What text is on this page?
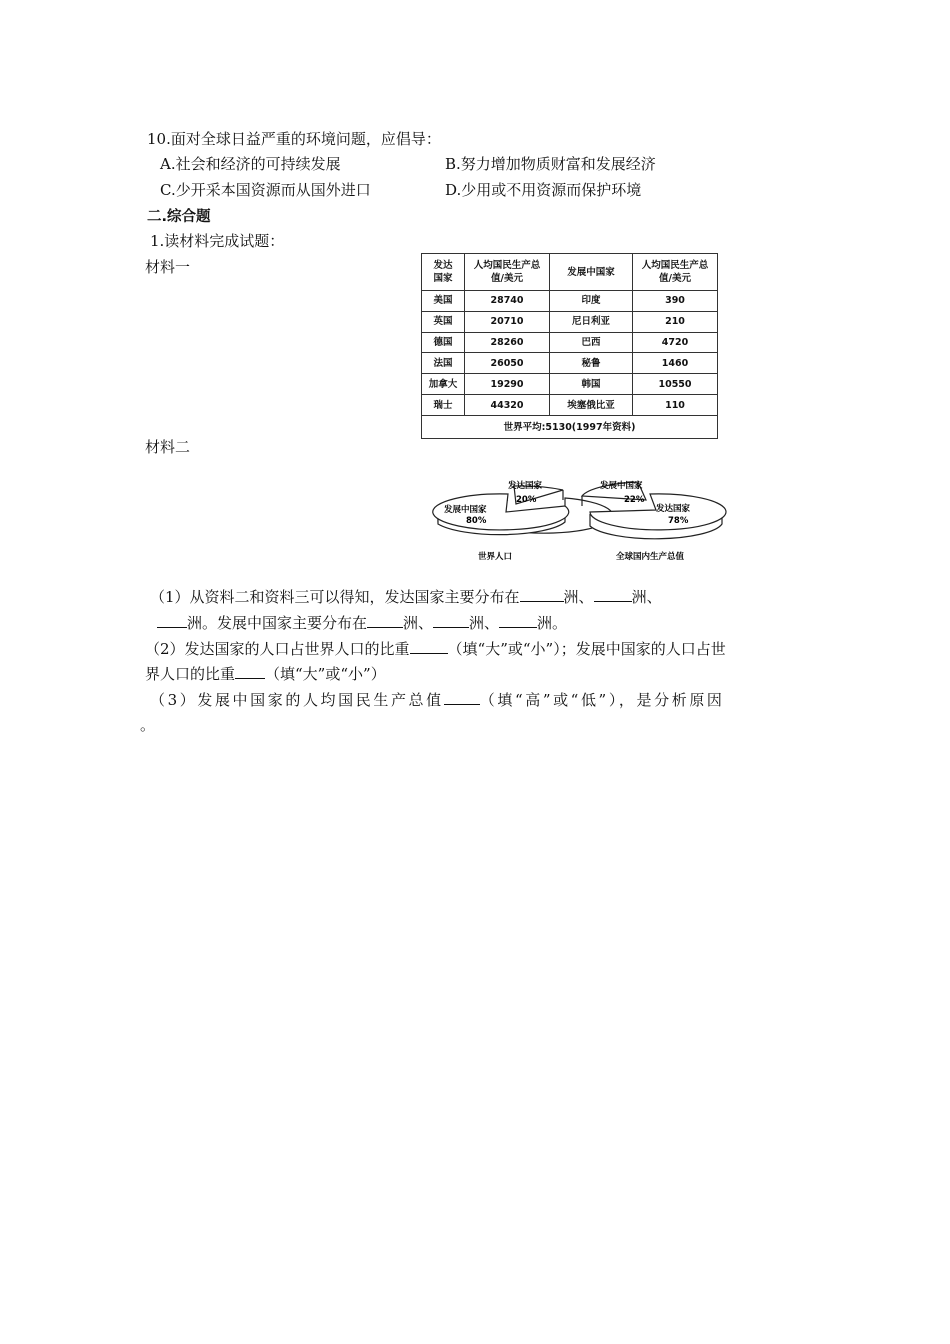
10.面对全球日益严重的环境问题，应倡导：
A.社会和经济的可持续发展	B.努力增加物质财富和发展经济
C.少开采本国资源而从国外进口	D.少用或不用资源而保护环境
二.综合题
1.读材料完成试题：
材料一
材料二
发达国家	人均国民生产总值/美元	发展中国家	人均国民生产总值/美元
美国	28740	印度	390
英国	20710	尼日利亚	210
德国	28260	巴西	4720
法国	26050	秘鲁	1460
加拿大	19290	韩国	10550
瑞士	44320	埃塞俄比亚	110
世界平均:5130(1997年资料)			
发达国家
20%
发展中国家
80%
世界人口
发展中国家
22%
发达国家
78%
全球国内生产总值
（1）从资料二和资料三可以得知，发达国家主要分布在	洲、	洲、
洲。发展中国家主要分布在 洲、 洲、	洲。
（2）发达国家的人口占世界人口的比重	（填“大”或“小”）；发展中国家的人口占世
界人口的比重 （填“大”或“小”）
（3）发展中国家的人均国民生产总值 （填“高”或“低”），是分析原因
。
